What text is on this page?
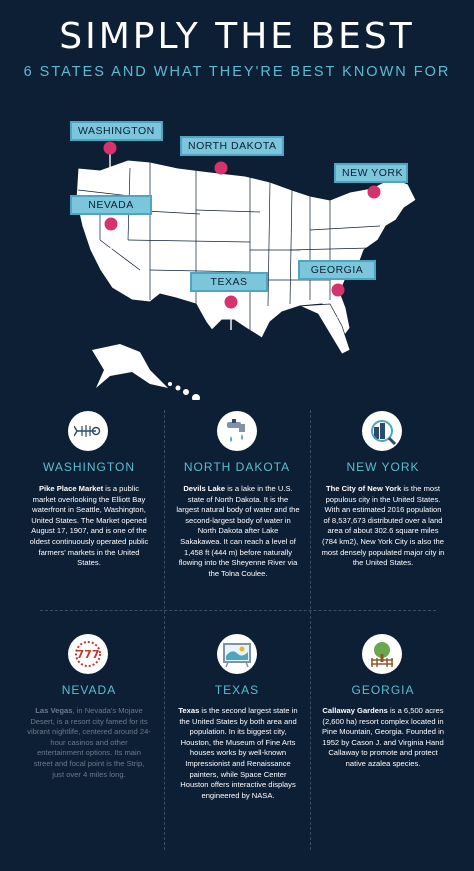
SIMPLY THE BEST
6 STATES AND WHAT THEY'RE BEST KNOWN FOR
WASHINGTON
NORTH DAKOTA
NEW YORK
NEVADA
TEXAS
GEORGIA
WASHINGTON
Pike Place Market is a public market overlooking the Elliott Bay waterfront in Seattle, Washington, United States. The Market opened August 17, 1907, and is one of the oldest continuously operated public farmers' markets in the United States.
NORTH DAKOTA
Devils Lake is a lake in the U.S. state of North Dakota. It is the largest natural body of water and the second-largest body of water in North Dakota after Lake Sakakawea. It can reach a level of 1,458 ft (444 m) before naturally flowing into the Sheyenne River via the Tolna Coulee.
NEW YORK
The City of New York is the most populous city in the United States. With an estimated 2016 population of 8,537,673 distributed over a land area of about 302.6 square miles (784 km2), New York City is also the most densely populated major city in the United States.
777
NEVADA
Las Vegas, in Nevada's Mojave Desert, is a resort city famed for its vibrant nightlife, centered around 24-hour casinos and other entertainment options. Its main street and focal point is the Strip, just over 4 miles long.
TEXAS
Texas is the second largest state in the United States by both area and population. In its biggest city, Houston, the Museum of Fine Arts houses works by well-known Impressionist and Renaissance painters, while Space Center Houston offers interactive displays engineered by NASA.
GEORGIA
Callaway Gardens is a 6,500 acres (2,600 ha) resort complex located in Pine Mountain, Georgia. Founded in 1952 by Cason J. and Virginia Hand Callaway to promote and protect native azalea species.
